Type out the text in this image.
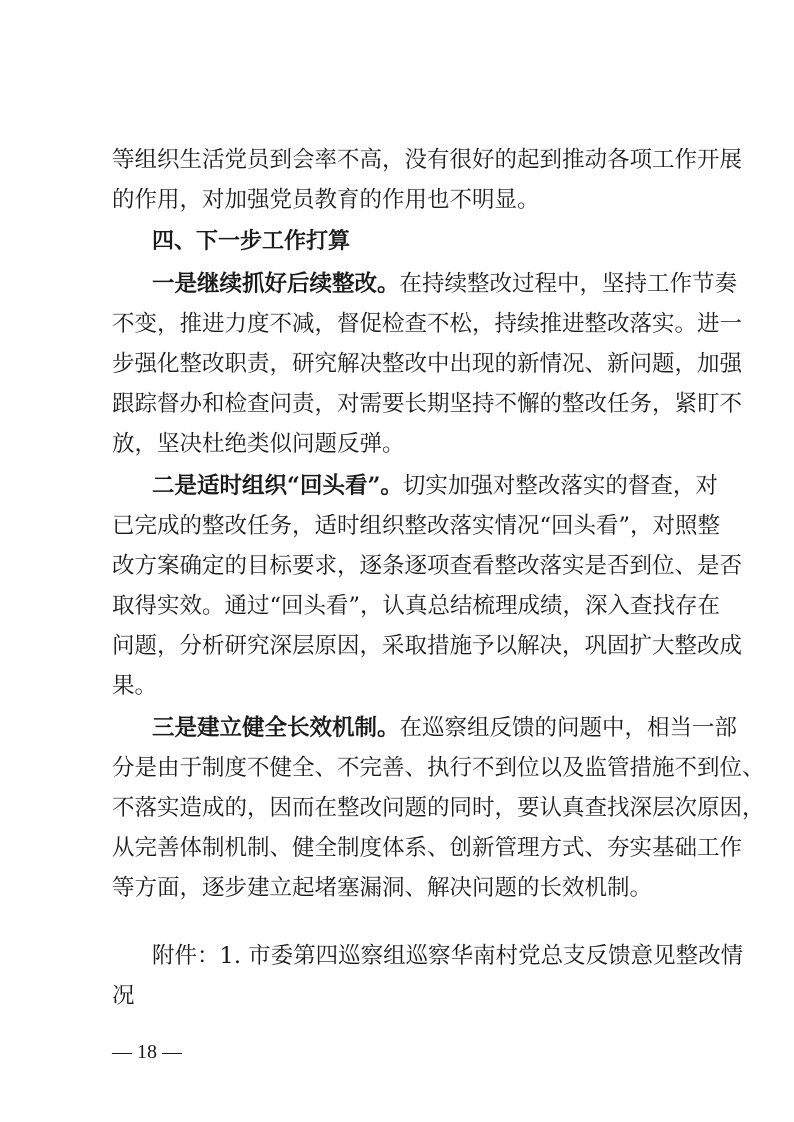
等组织生活党员到会率不高，没有很好的起到推动各项工作开展
的作用，对加强党员教育的作用也不明显。
四、下一步工作打算
一是继续抓好后续整改。在持续整改过程中，坚持工作节奏
不变，推进力度不减，督促检查不松，持续推进整改落实。进一
步强化整改职责，研究解决整改中出现的新情况、新问题，加强
跟踪督办和检查问责，对需要长期坚持不懈的整改任务，紧盯不
放，坚决杜绝类似问题反弹。
二是适时组织“回头看”。切实加强对整改落实的督查，对
已完成的整改任务，适时组织整改落实情况“回头看”，对照整
改方案确定的目标要求，逐条逐项查看整改落实是否到位、是否
取得实效。通过“回头看”，认真总结梳理成绩，深入查找存在
问题，分析研究深层原因，采取措施予以解决，巩固扩大整改成
果。
三是建立健全长效机制。在巡察组反馈的问题中，相当一部
分是由于制度不健全、不完善、执行不到位以及监管措施不到位、
不落实造成的，因而在整改问题的同时，要认真查找深层次原因，
从完善体制机制、健全制度体系、创新管理方式、夯实基础工作
等方面，逐步建立起堵塞漏洞、解决问题的长效机制。
附件：1. 市委第四巡察组巡察华南村党总支反馈意见整改情
况
— 18 —
